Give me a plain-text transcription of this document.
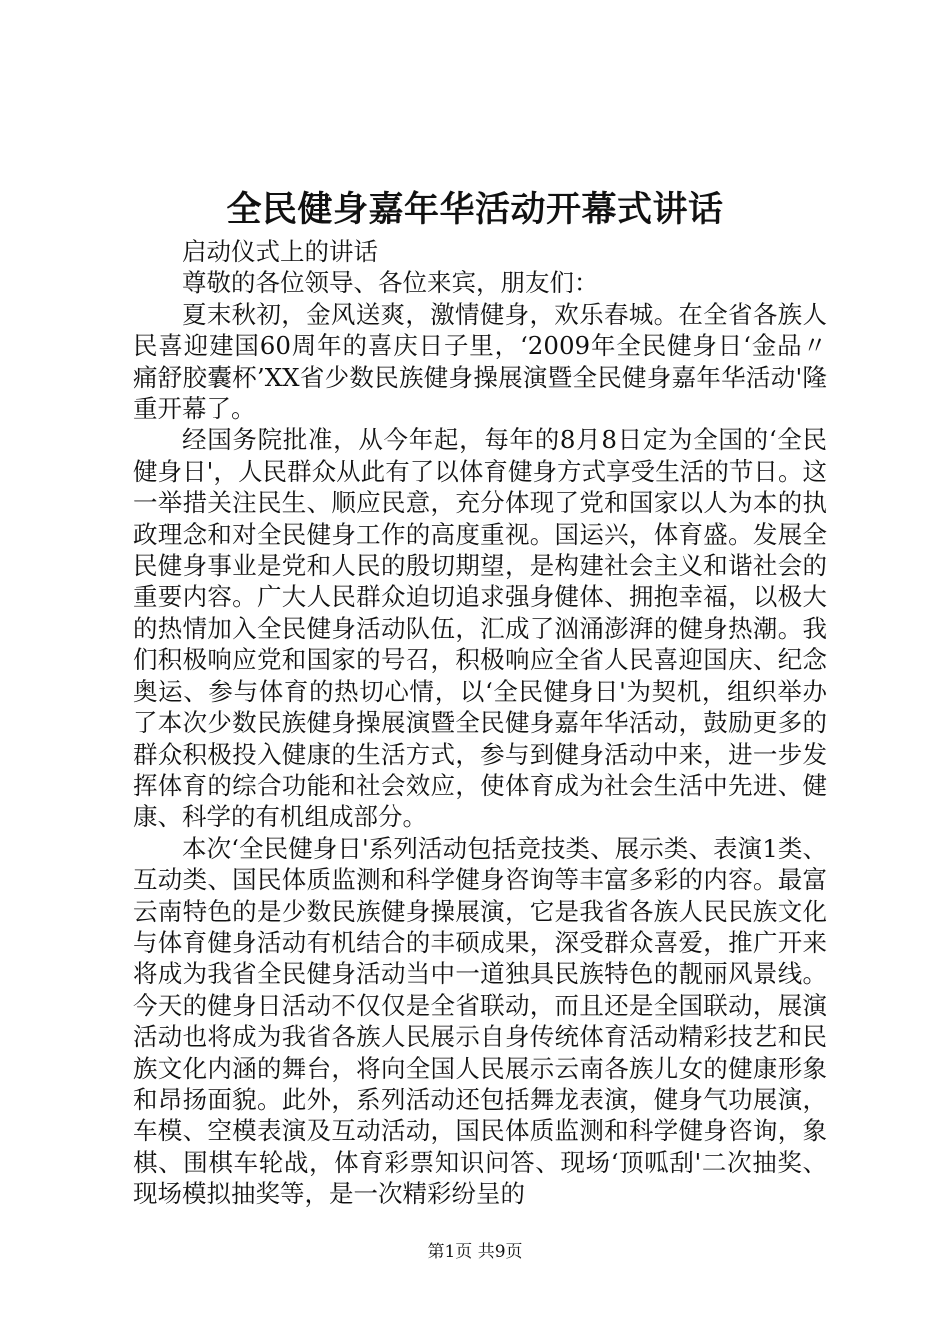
全民健身嘉年华活动开幕式讲话

启动仪式上的讲话

尊敬的各位领导、各位来宾，朋友们：

夏末秋初，金风送爽，激情健身，欢乐春城。在全省各族人民喜迎建国60周年的喜庆日子里，‘2009年全民健身日‘金品〃痛舒胶囊杯’XX省少数民族健身操展演暨全民健身嘉年华活动'隆重开幕了。

经国务院批准，从今年起，每年的8月8日定为全国的‘全民健身日'，人民群众从此有了以体育健身方式享受生活的节日。这一举措关注民生、顺应民意，充分体现了党和国家以人为本的执政理念和对全民健身工作的高度重视。国运兴，体育盛。发展全民健身事业是党和人民的殷切期望，是构建社会主义和谐社会的重要内容。广大人民群众迫切追求强身健体、拥抱幸福，以极大的热情加入全民健身活动队伍，汇成了汹涌澎湃的健身热潮。我们积极响应党和国家的号召，积极响应全省人民喜迎国庆、纪念奥运、参与体育的热切心情，以‘全民健身日'为契机，组织举办了本次少数民族健身操展演暨全民健身嘉年华活动，鼓励更多的群众积极投入健康的生活方式，参与到健身活动中来，进一步发挥体育的综合功能和社会效应，使体育成为社会生活中先进、健康、科学的有机组成部分。

本次‘全民健身日'系列活动包括竞技类、展示类、表演1类、互动类、国民体质监测和科学健身咨询等丰富多彩的内容。最富云南特色的是少数民族健身操展演，它是我省各族人民民族文化与体育健身活动有机结合的丰硕成果，深受群众喜爱，推广开来将成为我省全民健身活动当中一道独具民族特色的靓丽风景线。今天的健身日活动不仅仅是全省联动，而且还是全国联动，展演活动也将成为我省各族人民展示自身传统体育活动精彩技艺和民族文化内涵的舞台，将向全国人民展示云南各族儿女的健康形象和昂扬面貌。此外，系列活动还包括舞龙表演，健身气功展演，车模、空模表演及互动活动，国民体质监测和科学健身咨询，象棋、围棋车轮战，体育彩票知识问答、现场‘顶呱刮'二次抽奖、现场模拟抽奖等，是一次精彩纷呈的

第1页 共9页
